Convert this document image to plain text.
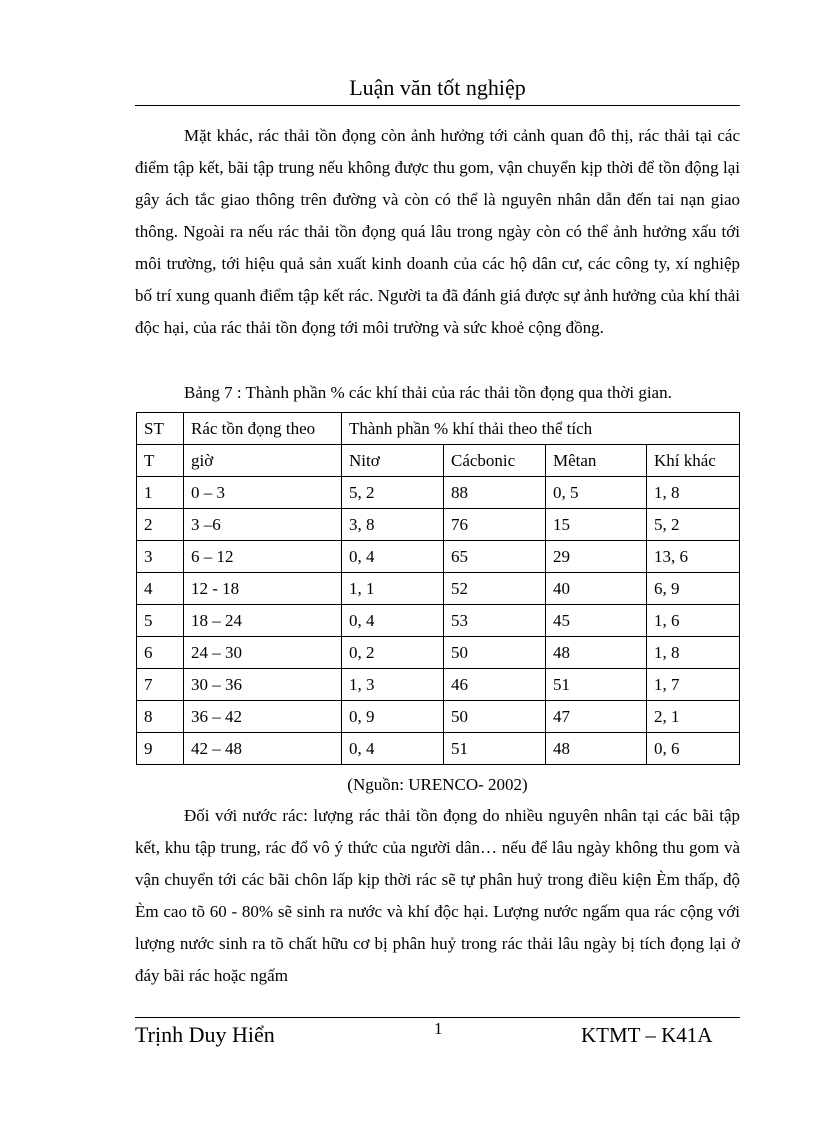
Luận văn tốt nghiệp

Mặt khác, rác thải tồn đọng còn ảnh hưởng tới cảnh quan đô thị, rác thải tại các điểm tập kết, bãi tập trung nếu không được thu gom, vận chuyển kịp thời để tồn động lại gây ách tắc giao thông trên đường và còn có thể là nguyên nhân dẫn đến tai nạn giao thông. Ngoài ra nếu rác thải tồn đọng quá lâu trong ngày còn có thể ảnh hưởng xấu tới môi trường, tới hiệu quả sản xuất kinh doanh của các hộ dân cư, các công ty, xí nghiệp bố trí xung quanh điểm tập kết rác. Người ta đã đánh giá được sự ảnh hưởng của khí thải độc hại, của rác thải tồn đọng tới môi trường và sức khoẻ cộng đồng.

Bảng 7 : Thành phần % các khí thải của rác thải tồn đọng qua thời gian.
ST	Rác tồn đọng theo	Thành phần % khí thải theo thể tích			
T	giờ	Nitơ	Cácbonic	Mêtan	Khí khác
1	0 – 3	5, 2	88	0, 5	1, 8
2	3 –6	3, 8	76	15	5, 2
3	6 – 12	0, 4	65	29	13, 6
4	12 - 18	1, 1	52	40	6, 9
5	18 – 24	0, 4	53	45	1, 6
6	24 – 30	0, 2	50	48	1, 8
7	30 – 36	1, 3	46	51	1, 7
8	36 – 42	0, 9	50	47	2, 1
9	42 – 48	0, 4	51	48	0, 6
(Nguồn: URENCO- 2002)

Đối với nước rác: lượng rác thải tồn đọng do nhiều nguyên nhân tại các bãi tập kết, khu tập trung, rác đổ vô ý thức của người dân… nếu để lâu ngày không thu gom và vận chuyển tới các bãi chôn lấp kịp thời rác sẽ tự phân huỷ trong điều kiện Èm thấp, độ Èm cao tõ 60 - 80% sẽ sinh ra nước và khí độc hại. Lượng nước ngấm qua rác cộng với lượng nước sinh ra tõ chất hữu cơ bị phân huỷ trong rác thải lâu ngày bị tích đọng lại ở đáy bãi rác hoặc ngấm

Trịnh Duy Hiển	1	KTMT – K41A
